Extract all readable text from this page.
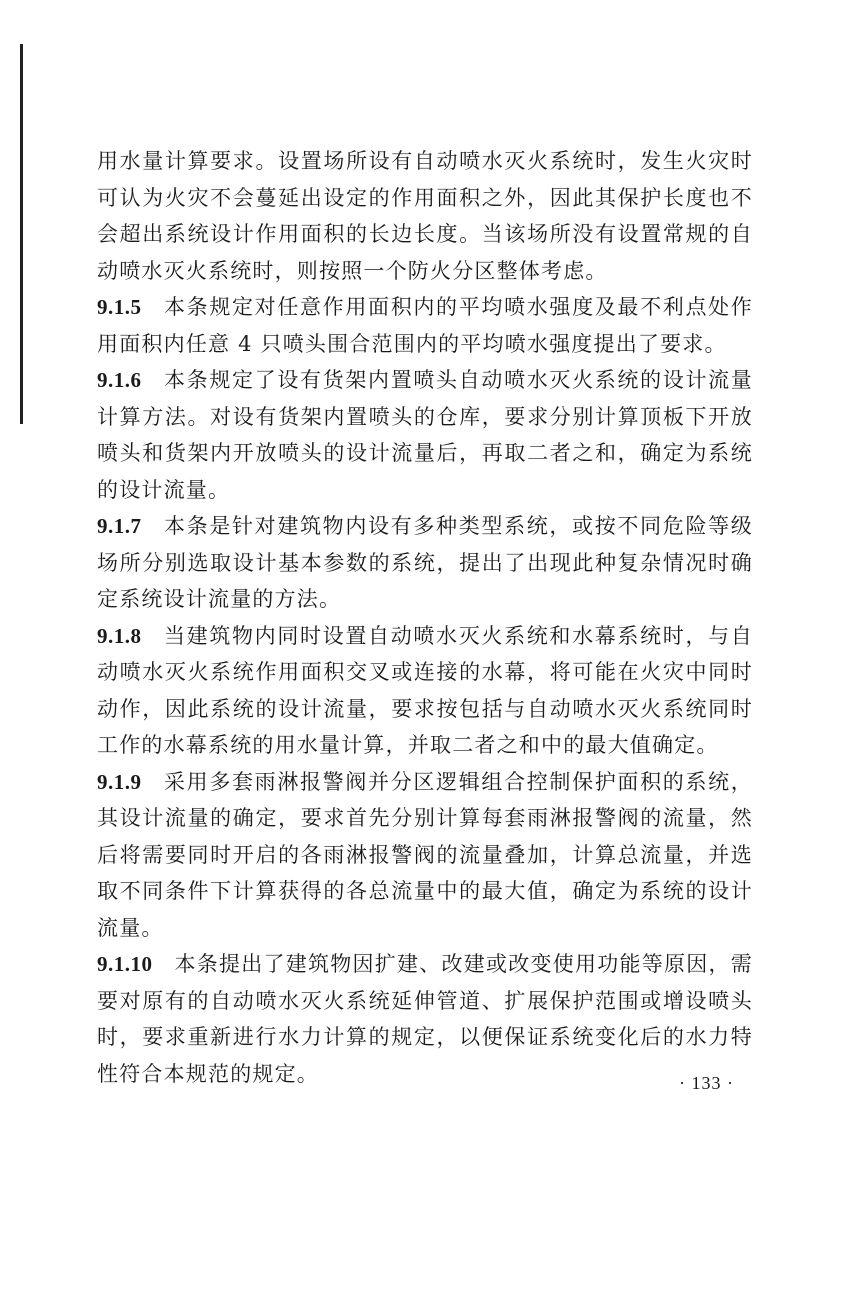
用水量计算要求。设置场所设有自动喷水灭火系统时，发生火灾时可认为火灾不会蔓延出设定的作用面积之外，因此其保护长度也不会超出系统设计作用面积的长边长度。当该场所没有设置常规的自动喷水灭火系统时，则按照一个防火分区整体考虑。

9.1.5 本条规定对任意作用面积内的平均喷水强度及最不利点处作用面积内任意 4 只喷头围合范围内的平均喷水强度提出了要求。

9.1.6 本条规定了设有货架内置喷头自动喷水灭火系统的设计流量计算方法。对设有货架内置喷头的仓库，要求分别计算顶板下开放喷头和货架内开放喷头的设计流量后，再取二者之和，确定为系统的设计流量。

9.1.7 本条是针对建筑物内设有多种类型系统，或按不同危险等级场所分别选取设计基本参数的系统，提出了出现此种复杂情况时确定系统设计流量的方法。

9.1.8 当建筑物内同时设置自动喷水灭火系统和水幕系统时，与自动喷水灭火系统作用面积交叉或连接的水幕，将可能在火灾中同时动作，因此系统的设计流量，要求按包括与自动喷水灭火系统同时工作的水幕系统的用水量计算，并取二者之和中的最大值确定。

9.1.9 采用多套雨淋报警阀并分区逻辑组合控制保护面积的系统，其设计流量的确定，要求首先分别计算每套雨淋报警阀的流量，然后将需要同时开启的各雨淋报警阀的流量叠加，计算总流量，并选取不同条件下计算获得的各总流量中的最大值，确定为系统的设计流量。

9.1.10 本条提出了建筑物因扩建、改建或改变使用功能等原因，需要对原有的自动喷水灭火系统延伸管道、扩展保护范围或增设喷头时，要求重新进行水力计算的规定，以便保证系统变化后的水力特性符合本规范的规定。	· 133 ·
